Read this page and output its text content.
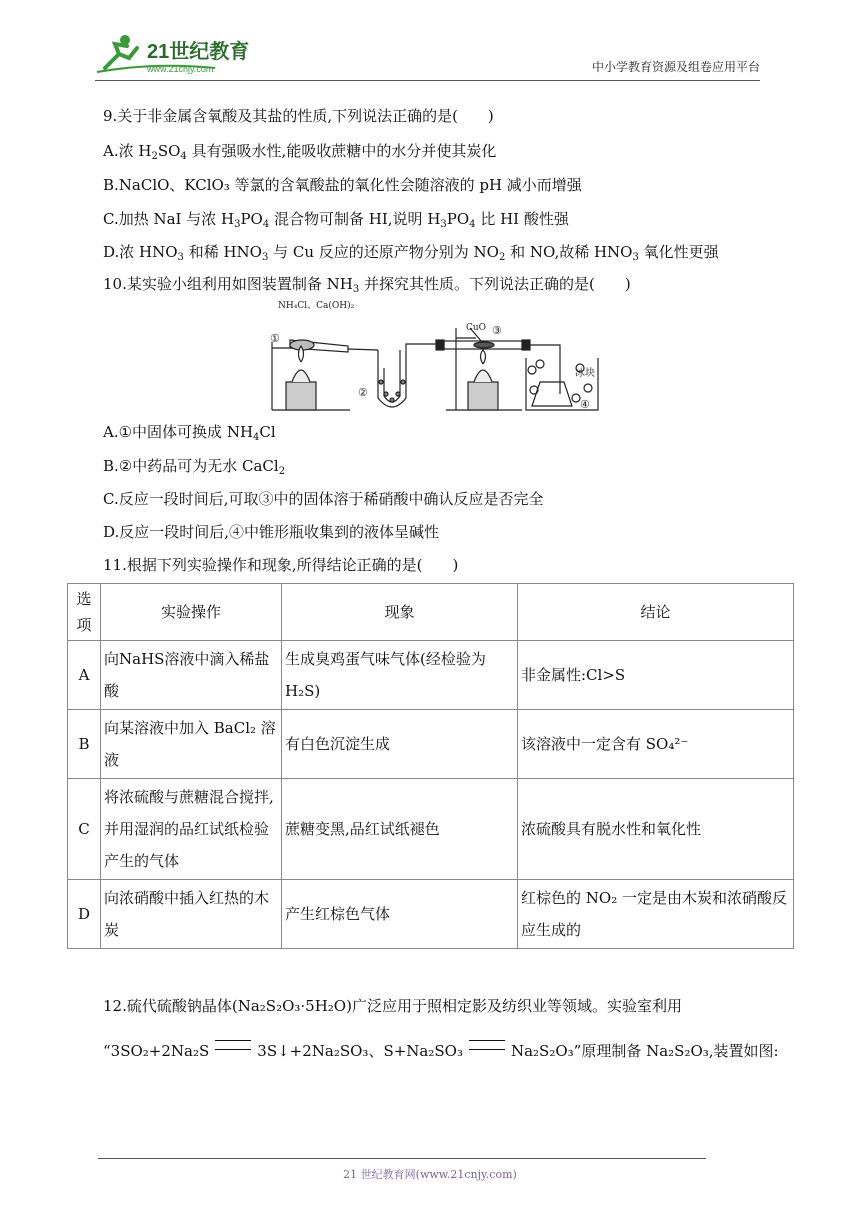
21世纪教育
www.21cnjy.com	中小学教育资源及组卷应用平台
9.关于非金属含氧酸及其盐的性质,下列说法正确的是(　　)
A.浓 $H_2SO_4$ 具有强吸水性,能吸收蔗糖中的水分并使其炭化
B.NaClO、KClO₃ 等氯的含氧酸盐的氧化性会随溶液的 pH 减小而增强
C.加热 NaI 与浓 $H_3PO_4$ 混合物可制备 HI,说明 $H_3PO_4$ 比 HI 酸性强
D.浓 $HNO_3$ 和稀 $HNO_3$ 与 Cu 反应的还原产物分别为 $NO_2$ 和 NO,故稀 $HNO_3$ 氧化性更强
10.某实验小组利用如图装置制备 $NH_3$ 并探究其性质。下列说法正确的是(　　)
NH₄Cl、Ca(OH)₂
①
②
③
CuO
冰块
④
A.①中固体可换成 $NH_4Cl$
B.②中药品可为无水 CaCl$_2$
C.反应一段时间后,可取③中的固体溶于稀硝酸中确认反应是否完全
D.反应一段时间后,④中锥形瓶收集到的液体呈碱性
11.根据下列实验操作和现象,所得结论正确的是(　　)
选项	实验操作	现象	结论
A	向NaHS溶液中滴入稀盐酸	生成臭鸡蛋气味气体(经检验为H₂S)	非金属性:Cl>S
B	向某溶液中加入 BaCl₂ 溶液	有白色沉淀生成	该溶液中一定含有 SO₄²⁻
C	将浓硫酸与蔗糖混合搅拌,并用湿润的品红试纸检验产生的气体	蔗糖变黑,品红试纸褪色	浓硫酸具有脱水性和氧化性
D	向浓硝酸中插入红热的木炭	产生红棕色气体	红棕色的 NO₂ 一定是由木炭和浓硝酸反应生成的
12.硫代硫酸钠晶体(Na₂S₂O₃·5H₂O)广泛应用于照相定影及纺织业等领域。实验室利用
“3SO₂+2Na₂S	3S↓+2Na₂SO₃、S+Na₂SO₃	Na₂S₂O₃”原理制备 Na₂S₂O₃,装置如图:
21 世纪教育网(www.21cnjy.com)
